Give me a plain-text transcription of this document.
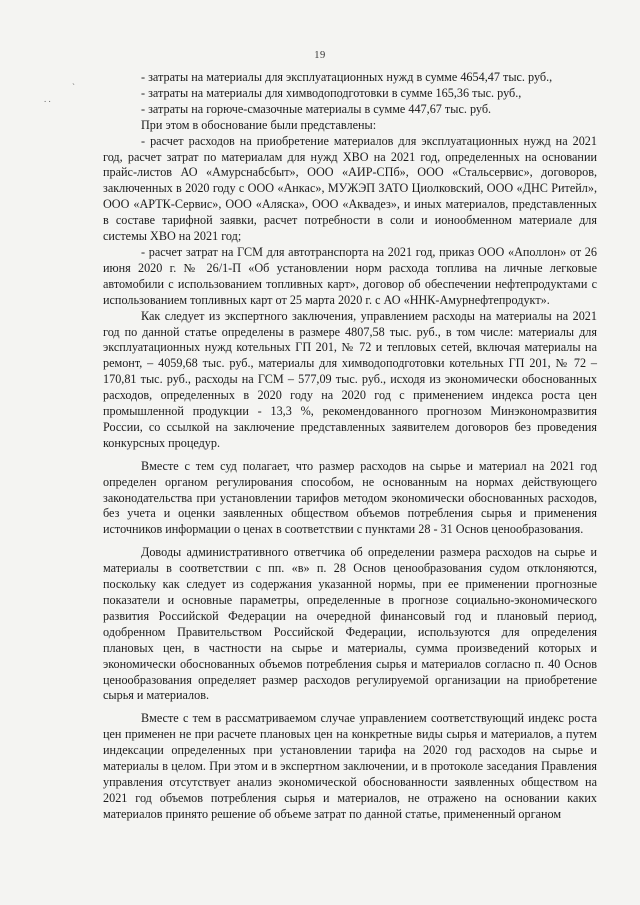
19
`
. .

- затраты на материалы для эксплуатационных нужд в сумме 4654,47 тыс. руб.,

- затраты на материалы для химводоподготовки в сумме 165,36 тыс. руб.,

- затраты на горюче-смазочные материалы в сумме 447,67 тыс. руб.

При этом в обоснование были представлены:

- расчет расходов на приобретение материалов для эксплуатационных нужд на 2021 год, расчет затрат по материалам для нужд ХВО на 2021 год, определенных на основании прайс-листов АО «Амурснабсбыт», ООО «АИР-СПб», ООО «Стальсервис», договоров, заключенных в 2020 году с ООО «Анкас», МУЖЭП ЗАТО Циолковский, ООО «ДНС Ритейл», ООО «АРТК-Сервис», ООО «Аляска», ООО «Аквадез», и иных материалов, представленных в составе тарифной заявки, расчет потребности в соли и ионообменном материале для системы ХВО на 2021 год;

- расчет затрат на ГСМ для автотранспорта на 2021 год, приказ ООО «Аполлон» от 26 июня 2020 г. № 26/1-П «Об установлении норм расхода топлива на личные легковые автомобили с использованием топливных карт», договор об обеспечении нефтепродуктами с использованием топливных карт от 25 марта 2020 г. с АО «ННК-Амурнефтепродукт».

Как следует из экспертного заключения, управлением расходы на материалы на 2021 год по данной статье определены в размере 4807,58 тыс. руб., в том числе: материалы для эксплуатационных нужд котельных ГП 201, № 72 и тепловых сетей, включая материалы на ремонт, – 4059,68 тыс. руб., материалы для химводоподготовки котельных ГП 201, № 72 – 170,81 тыс. руб., расходы на ГСМ – 577,09 тыс. руб., исходя из экономически обоснованных расходов, определенных в 2020 году на 2020 год с применением индекса роста цен промышленной продукции - 13,3 %, рекомендованного прогнозом Минэкономразвития России, со ссылкой на заключение представленных заявителем договоров без проведения конкурсных процедур.

Вместе с тем суд полагает, что размер расходов на сырье и материал на 2021 год определен органом регулирования способом, не основанным на нормах действующего законодательства при установлении тарифов методом экономически обоснованных расходов, без учета и оценки заявленных обществом объемов потребления сырья и применения источников информации о ценах в соответствии с пунктами 28 - 31 Основ ценообразования.

Доводы административного ответчика об определении размера расходов на сырье и материалы в соответствии с пп. «в» п. 28 Основ ценообразования судом отклоняются, поскольку как следует из содержания указанной нормы, при ее применении прогнозные показатели и основные параметры, определенные в прогнозе социально-экономического развития Российской Федерации на очередной финансовый год и плановый период, одобренном Правительством Российской Федерации, используются для определения плановых цен, в частности на сырье и материалы, сумма произведений которых и экономически обоснованных объемов потребления сырья и материалов согласно п. 40 Основ ценообразования определяет размер расходов регулируемой организации на приобретение сырья и материалов.

Вместе с тем в рассматриваемом случае управлением соответствующий индекс роста цен применен не при расчете плановых цен на конкретные виды сырья и материалов, а путем индексации определенных при установлении тарифа на 2020 год расходов на сырье и материалы в целом. При этом и в экспертном заключении, и в протоколе заседания Правления управления отсутствует анализ экономической обоснованности заявленных обществом на 2021 год объемов потребления сырья и материалов, не отражено на основании каких материалов принято решение об объеме затрат по данной статье, примененный органом
